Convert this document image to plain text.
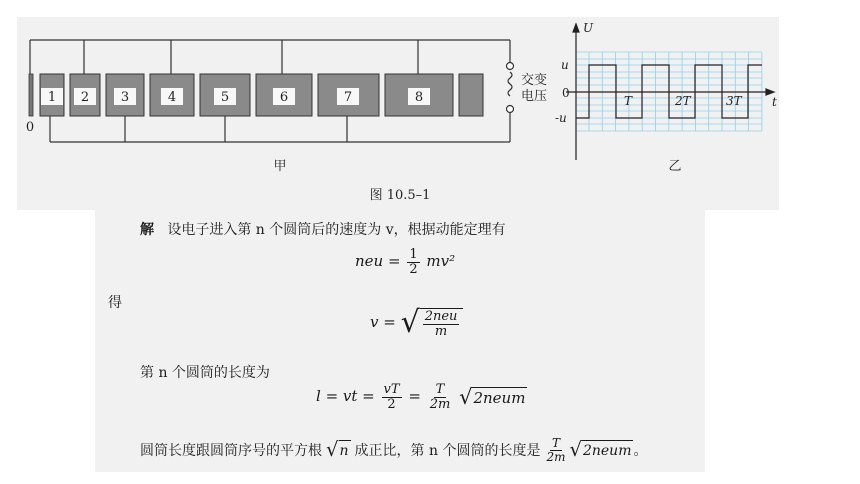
1 2 3	4	5	6	7	8
0
甲	乙
图 10.5–1
交变
电压
U
t
u
0
-u
T	2T	3T
解 设电子进入第 n 个圆筒后的速度为 v，根据动能定理有
neu = $\frac{1}{2} mv^2$
得
v = √ $\frac{\text{2neu}}{m}$
第 n 个圆筒的长度为
l = vt = $\frac{vT}{2} = \frac{T}{2m}$
√ 2neum
圆筒长度跟圆筒序号的平方根 √ n 成正比，第 n 个圆筒的长度是 $\frac{T}{2m}$ √ 2neum 。
